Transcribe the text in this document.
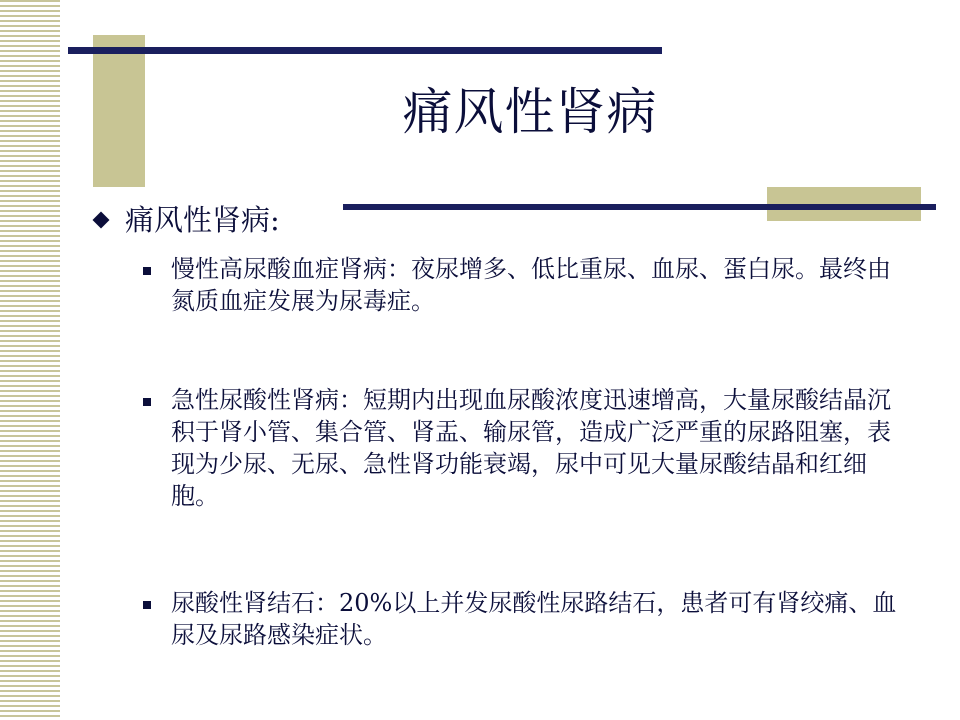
痛风性肾病
痛风性肾病:
慢性高尿酸血症肾病：夜尿增多、低比重尿、血尿、蛋白尿。最终由氮质血症发展为尿毒症。
急性尿酸性肾病：短期内出现血尿酸浓度迅速增高，大量尿酸结晶沉积于肾小管、集合管、肾盂、输尿管，造成广泛严重的尿路阻塞，表现为少尿、无尿、急性肾功能衰竭，尿中可见大量尿酸结晶和红细胞。
尿酸性肾结石：20%以上并发尿酸性尿路结石，患者可有肾绞痛、血尿及尿路感染症状。
